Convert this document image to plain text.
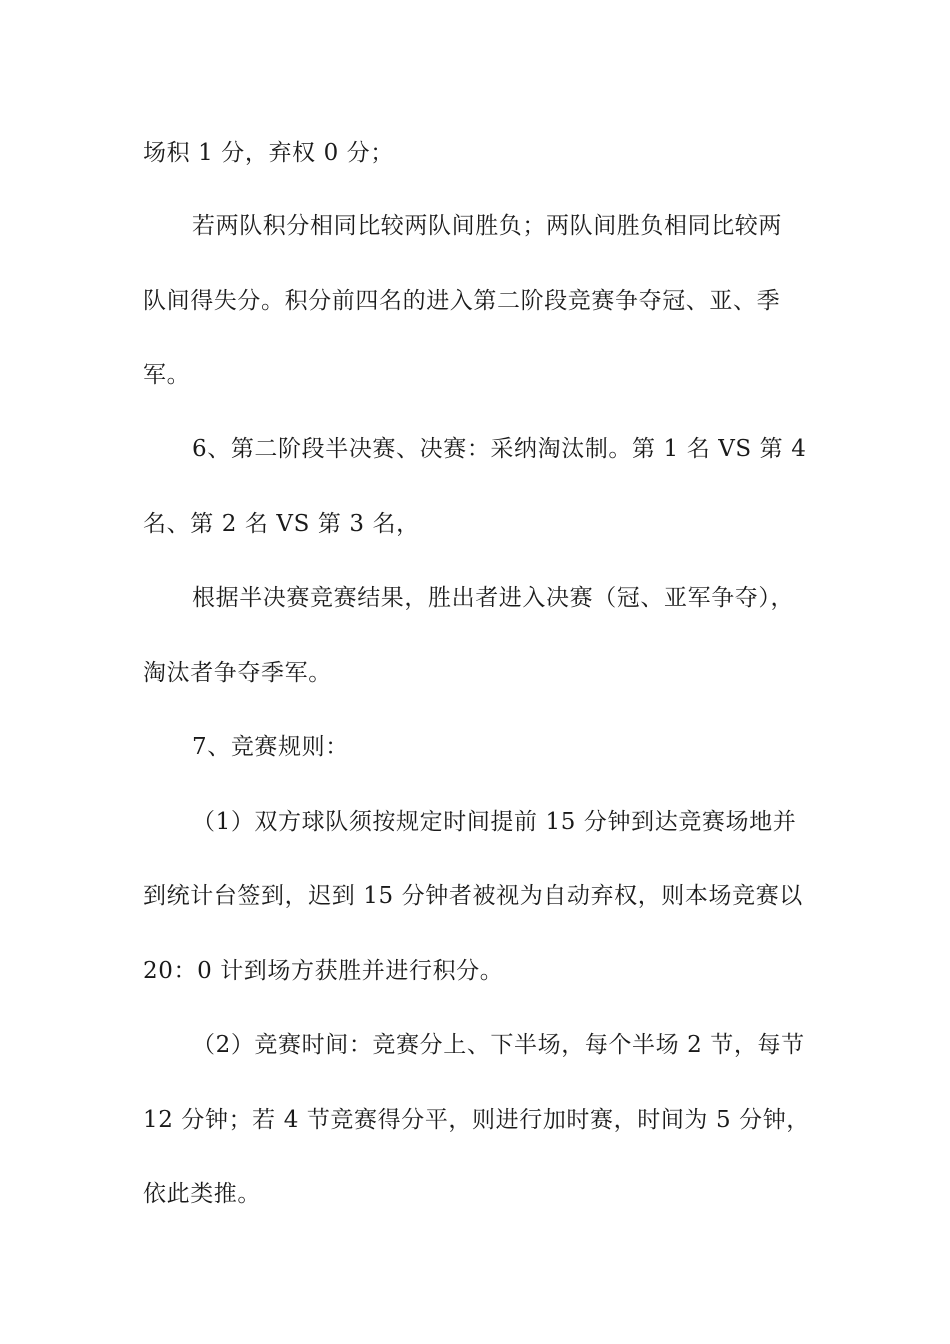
场积 1 分，弃权 0 分；
若两队积分相同比较两队间胜负；两队间胜负相同比较两
队间得失分。积分前四名的进入第二阶段竞赛争夺冠、亚、季
军。
6、第二阶段半决赛、决赛：采纳淘汰制。第 1 名 VS 第 4
名、第 2 名 VS 第 3 名，
根据半决赛竞赛结果，胜出者进入决赛（冠、亚军争夺），
淘汰者争夺季军。
7、竞赛规则：
（1）双方球队须按规定时间提前 15 分钟到达竞赛场地并
到统计台签到，迟到 15 分钟者被视为自动弃权，则本场竞赛以
20：0 计到场方获胜并进行积分。
（2）竞赛时间：竞赛分上、下半场，每个半场 2 节，每节
12 分钟；若 4 节竞赛得分平，则进行加时赛，时间为 5 分钟，
依此类推。
